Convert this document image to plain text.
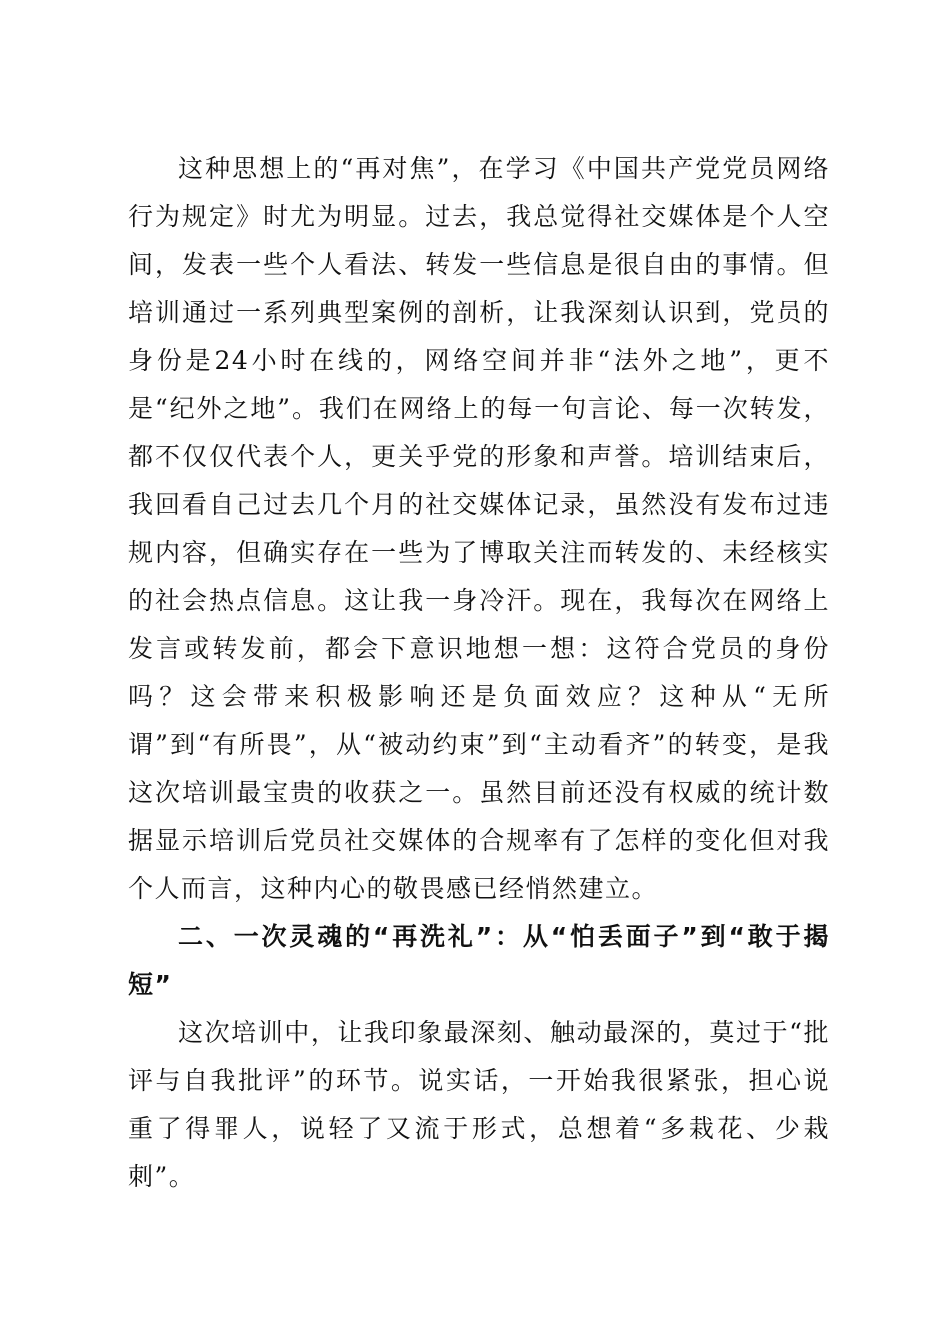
这种思想上的“再对焦”，在学习《中国共产党党员网络行为规定》时尤为明显。过去，我总觉得社交媒体是个人空间，发表一些个人看法、转发一些信息是很自由的事情。但培训通过一系列典型案例的剖析，让我深刻认识到，党员的身份是24小时在线的，网络空间并非“法外之地”，更不是“纪外之地”。我们在网络上的每一句言论、每一次转发，都不仅仅代表个人，更关乎党的形象和声誉。培训结束后，我回看自己过去几个月的社交媒体记录，虽然没有发布过违规内容，但确实存在一些为了博取关注而转发的、未经核实的社会热点信息。这让我一身冷汗。现在，我每次在网络上发言或转发前，都会下意识地想一想：这符合党员的身份吗？这会带来积极影响还是负面效应？这种从“无所谓”到“有所畏”，从“被动约束”到“主动看齐”的转变，是我这次培训最宝贵的收获之一。虽然目前还没有权威的统计数据显示培训后党员社交媒体的合规率有了怎样的变化但对我个人而言，这种内心的敬畏感已经悄然建立。

二、一次灵魂的“再洗礼”：从“怕丢面子”到“敢于揭短”

这次培训中，让我印象最深刻、触动最深的，莫过于“批评与自我批评”的环节。说实话，一开始我很紧张，担心说重了得罪人，说轻了又流于形式，总想着“多栽花、少栽刺”。
